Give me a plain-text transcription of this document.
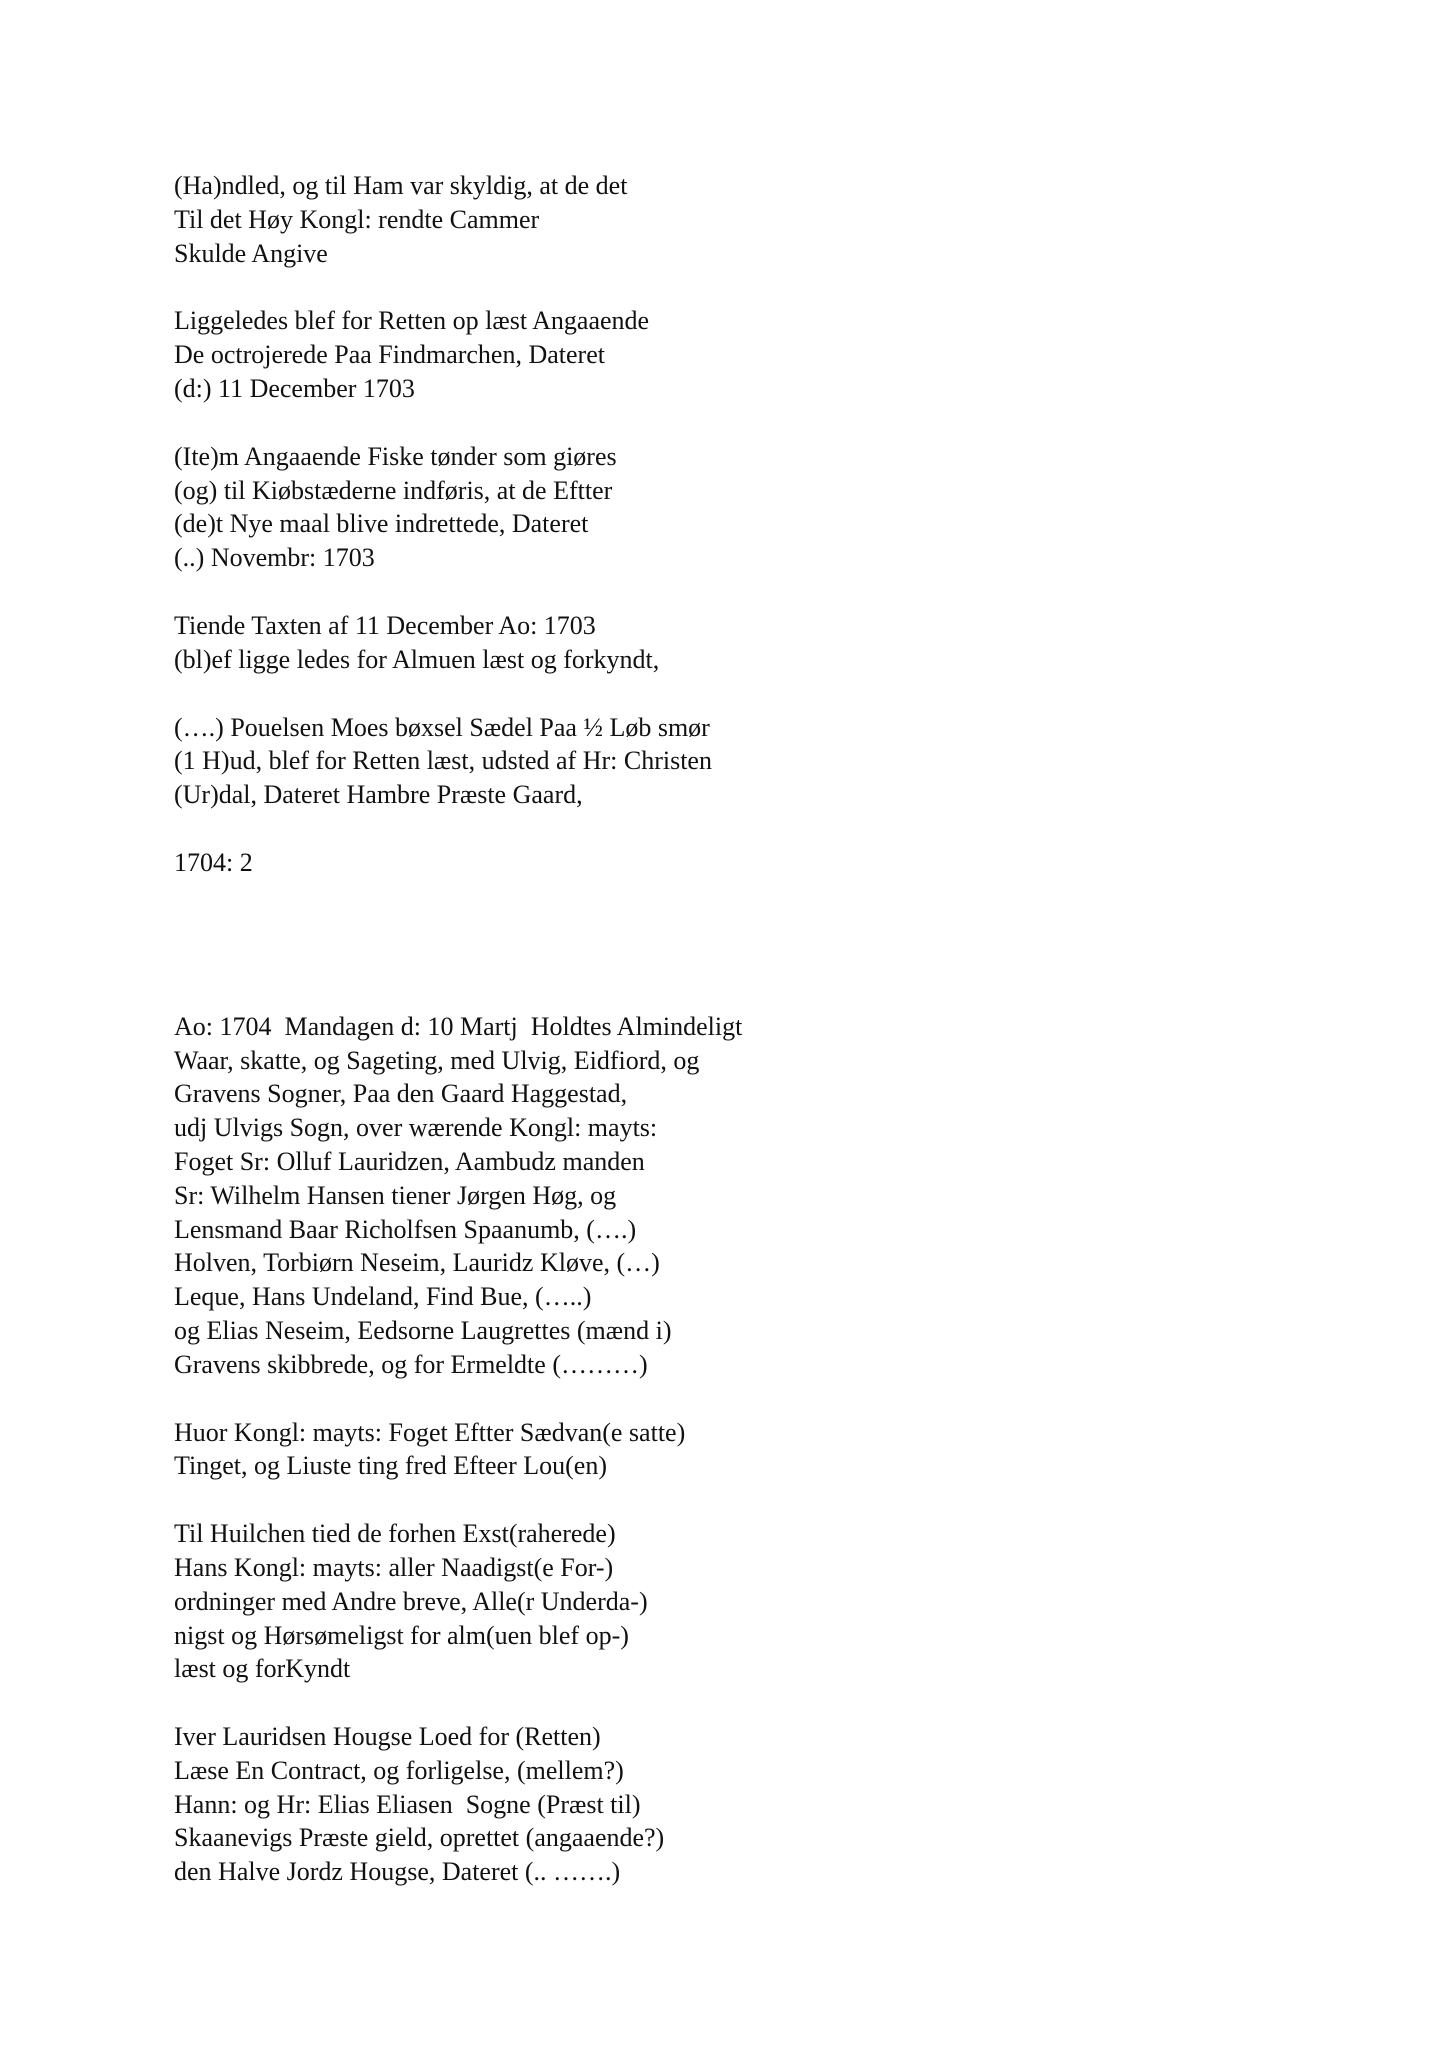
(Ha)ndled, og til Ham var skyldig, at de det
Til det Høy Kongl: rendte Cammer
Skulde Angive
Liggeledes blef for Retten op læst Angaaende
De octrojerede Paa Findmarchen, Dateret
(d:) 11 December 1703
(Ite)m Angaaende Fiske tønder som giøres
(og) til Kiøbstæderne indføris, at de Eftter
(de)t Nye maal blive indrettede, Dateret
(..) Novembr: 1703
Tiende Taxten af 11 December Ao: 1703
(bl)ef ligge ledes for Almuen læst og forkyndt,
(….) Pouelsen Moes bøxsel Sædel Paa ½ Løb smør
(1 H)ud, blef for Retten læst, udsted af Hr: Christen
(Ur)dal, Dateret Hambre Præste Gaard,
1704: 2
Ao: 1704  Mandagen d: 10 Martj  Holdtes Almindeligt
Waar, skatte, og Sageting, med Ulvig, Eidfiord, og
Gravens Sogner, Paa den Gaard Haggestad,
udj Ulvigs Sogn, over wærende Kongl: mayts:
Foget Sr: Olluf Lauridzen, Aambudz manden
Sr: Wilhelm Hansen tiener Jørgen Høg, og
Lensmand Baar Richolfsen Spaanumb, (….)
Holven, Torbiørn Neseim, Lauridz Kløve, (…)
Leque, Hans Undeland, Find Bue, (…..)
og Elias Neseim, Eedsorne Laugrettes (mænd i)
Gravens skibbrede, og for Ermeldte (………)
Huor Kongl: mayts: Foget Eftter Sædvan(e satte)
Tinget, og Liuste ting fred Efteer Lou(en)
Til Huilchen tied de forhen Exst(raherede)
Hans Kongl: mayts: aller Naadigst(e For-)
ordninger med Andre breve, Alle(r Underda-)
nigst og Hørsømeligst for alm(uen blef op-)
læst og forKyndt
Iver Lauridsen Hougse Loed for (Retten)
Læse En Contract, og forligelse, (mellem?)
Hann: og Hr: Elias Eliasen  Sogne (Præst til)
Skaanevigs Præste gield, oprettet (angaaende?)
den Halve Jordz Hougse, Dateret (.. …….)
